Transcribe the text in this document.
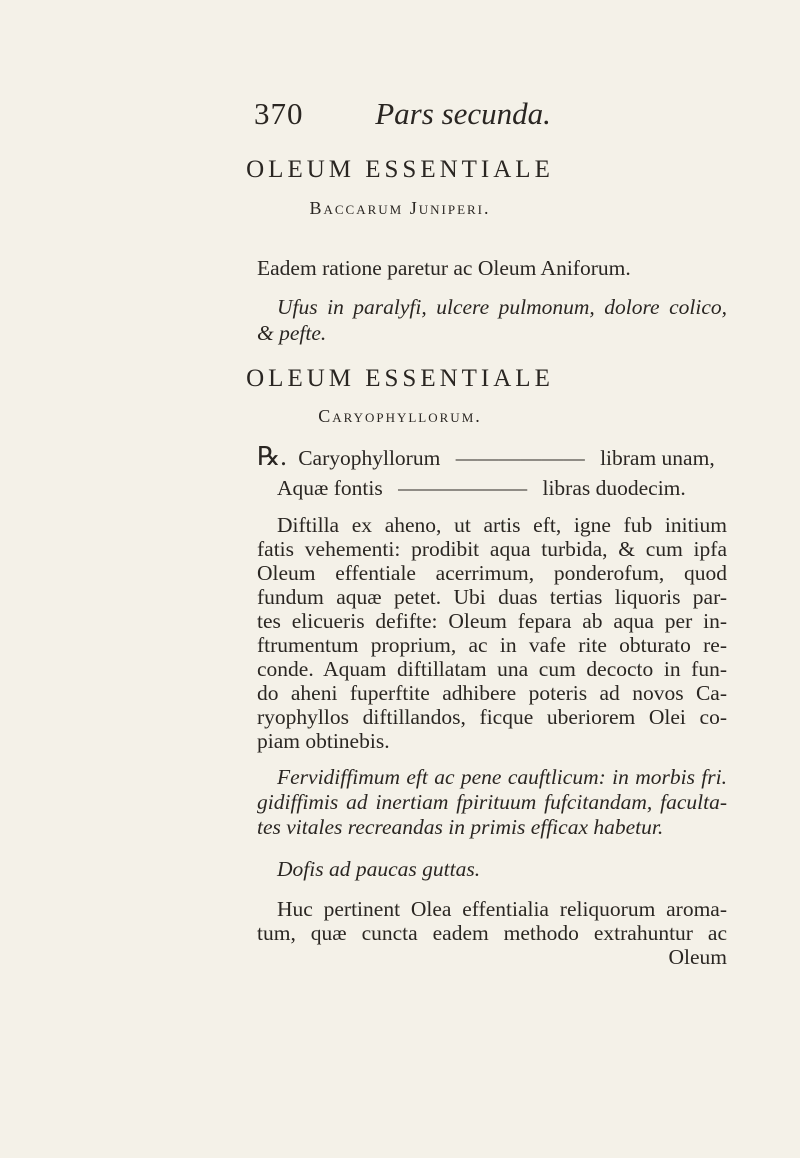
370 Pars secunda.
OLEUM ESSENTIALE
Baccarum Juniperi.
Eadem ratione paretur ac Oleum Aniforum.
Ufus in paralyfi, ulcere pulmonum, dolore colico,
& pefte.
OLEUM ESSENTIALE
Caryophyllorum.
℞. Caryophyllorum —————— libram unam,
Aquæ fontis —————— libras duodecim.
Diftilla ex aheno, ut artis eft, igne fub initium
fatis vehementi: prodibit aqua turbida, & cum ipfa
Oleum effentiale acerrimum, ponderofum, quod
fundum aquæ petet. Ubi duas tertias liquoris par-
tes elicueris defifte: Oleum fepara ab aqua per in-
ftrumentum proprium, ac in vafe rite obturato re-
conde. Aquam diftillatam una cum decocto in fun-
do aheni fuperftite adhibere poteris ad novos Ca-
ryophyllos diftillandos, ficque uberiorem Olei co-
piam obtinebis.
Fervidiffimum eft ac pene cauftlicum: in morbis fri.
gidiffimis ad inertiam fpirituum fufcitandam, faculta-
tes vitales recreandas in primis efficax habetur.
Dofis ad paucas guttas.
Huc pertinent Olea effentialia reliquorum aroma-
tum, quæ cuncta eadem methodo extrahuntur ac
Oleum
